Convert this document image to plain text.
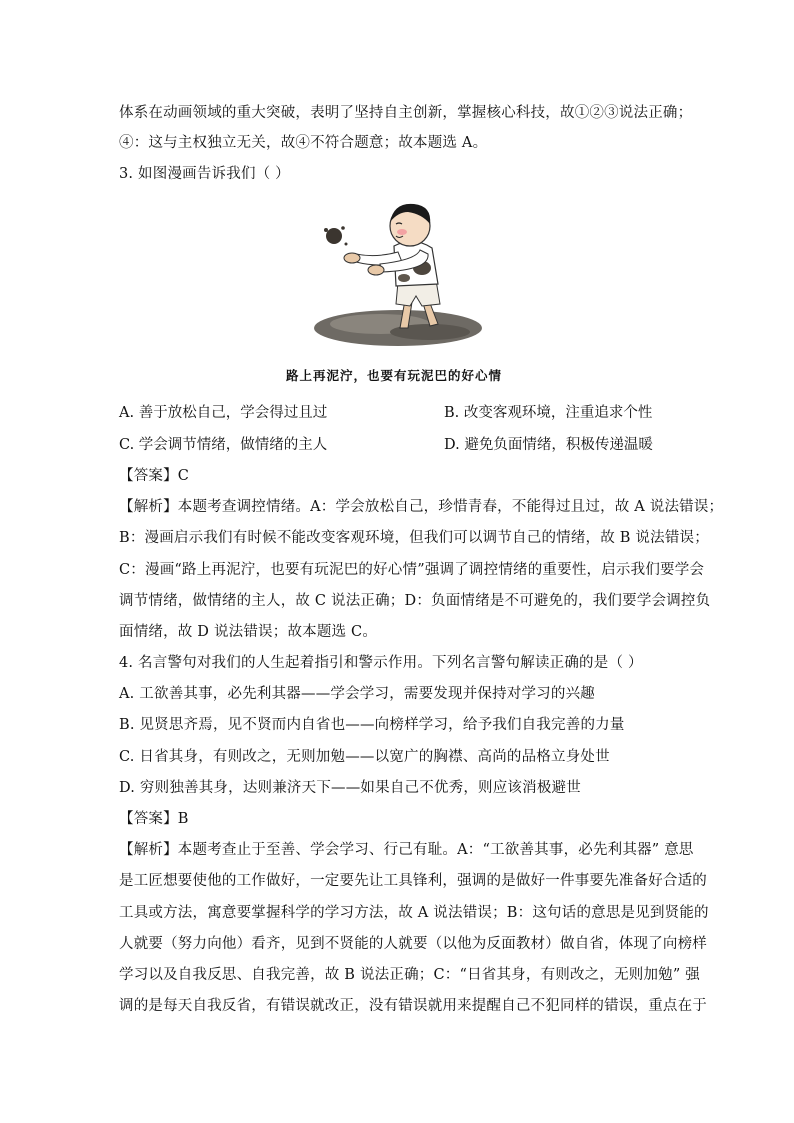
体系在动画领域的重大突破，表明了坚持自主创新，掌握核心科技，故①②③说法正确；
④：这与主权独立无关，故④不符合题意；故本题选 A。
3. 如图漫画告诉我们（ ）
路上再泥泞，也要有玩泥巴的好心情
A. 善于放松自己，学会得过且过	B. 改变客观环境，注重追求个性
C. 学会调节情绪，做情绪的主人	D. 避免负面情绪，积极传递温暖
【答案】C
【解析】本题考查调控情绪。A：学会放松自己，珍惜青春，不能得过且过，故 A 说法错误；
B：漫画启示我们有时候不能改变客观环境，但我们可以调节自己的情绪，故 B 说法错误；
C：漫画“路上再泥泞，也要有玩泥巴的好心情”强调了调控情绪的重要性，启示我们要学会
调节情绪，做情绪的主人，故 C 说法正确；D：负面情绪是不可避免的，我们要学会调控负
面情绪，故 D 说法错误；故本题选 C。
4. 名言警句对我们的人生起着指引和警示作用。下列名言警句解读正确的是（ ）
A. 工欲善其事，必先利其器——学会学习，需要发现并保持对学习的兴趣
B. 见贤思齐焉，见不贤而内自省也——向榜样学习，给予我们自我完善的力量
C. 日省其身，有则改之，无则加勉——以宽广的胸襟、高尚的品格立身处世
D. 穷则独善其身，达则兼济天下——如果自己不优秀，则应该消极避世
【答案】B
【解析】本题考查止于至善、学会学习、行己有耻。A：“工欲善其事，必先利其器” 意思
是工匠想要使他的工作做好，一定要先让工具锋利，强调的是做好一件事要先准备好合适的
工具或方法，寓意要掌握科学的学习方法，故 A 说法错误；B：这句话的意思是见到贤能的
人就要（努力向他）看齐，见到不贤能的人就要（以他为反面教材）做自省，体现了向榜样
学习以及自我反思、自我完善，故 B 说法正确；C：“日省其身，有则改之，无则加勉” 强
调的是每天自我反省，有错误就改正，没有错误就用来提醒自己不犯同样的错误，重点在于
